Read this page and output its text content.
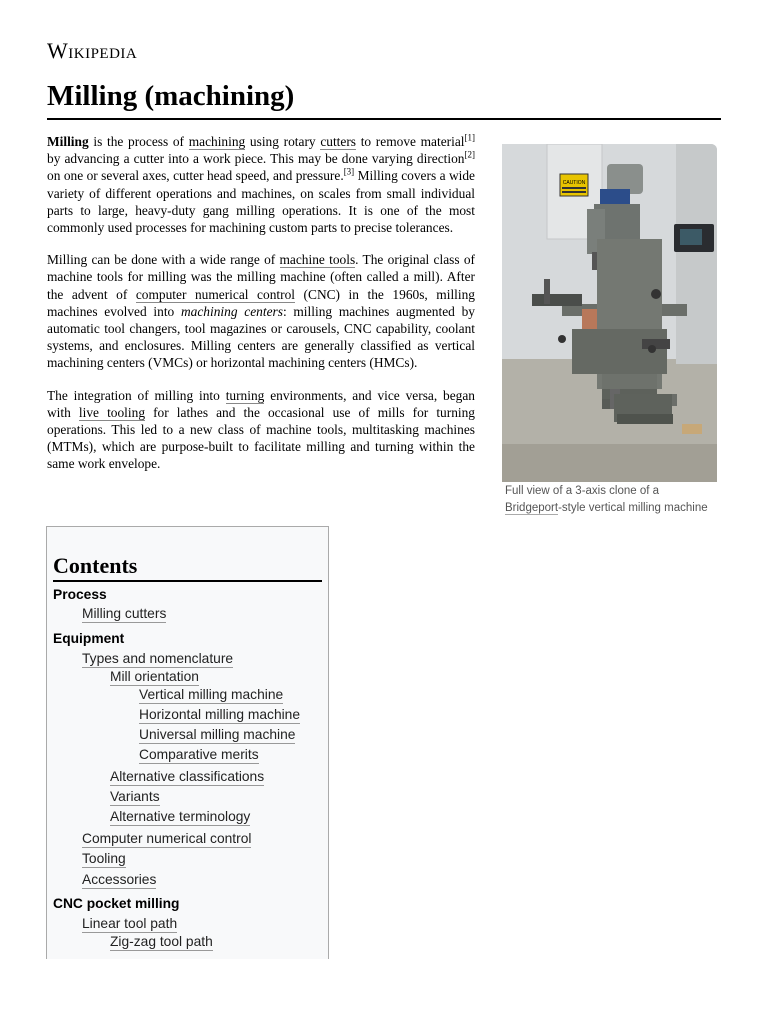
Wikipedia
Milling (machining)

Milling is the process of machining using rotary cutters to remove material[1] by advancing a cutter into a work piece. This may be done varying direction[2] on one or several axes, cutter head speed, and pressure.[3] Milling covers a wide variety of different operations and machines, on scales from small individual parts to large, heavy-duty gang milling operations. It is one of the most commonly used processes for machining custom parts to precise tolerances.

Milling can be done with a wide range of machine tools. The original class of machine tools for milling was the milling machine (often called a mill). After the advent of computer numerical control (CNC) in the 1960s, milling machines evolved into machining centers: milling machines augmented by automatic tool changers, tool magazines or carousels, CNC capability, coolant systems, and enclosures. Milling centers are generally classified as vertical machining centers (VMCs) or horizontal machining centers (HMCs).

The integration of milling into turning environments, and vice versa, began with live tooling for lathes and the occasional use of mills for turning operations. This led to a new class of machine tools, multitasking machines (MTMs), which are purpose-built to facilitate milling and turning within the same work envelope.

CAUTION
Full view of a 3-axis clone of a Bridgeport-style vertical milling machine
Contents
Process
Milling cutters
Equipment
Types and nomenclature
Mill orientation
Vertical milling machine
Horizontal milling machine
Universal milling machine
Comparative merits
Alternative classifications
Variants
Alternative terminology
Computer numerical control
Tooling
Accessories
CNC pocket milling
Linear tool path
Zig-zag tool path
